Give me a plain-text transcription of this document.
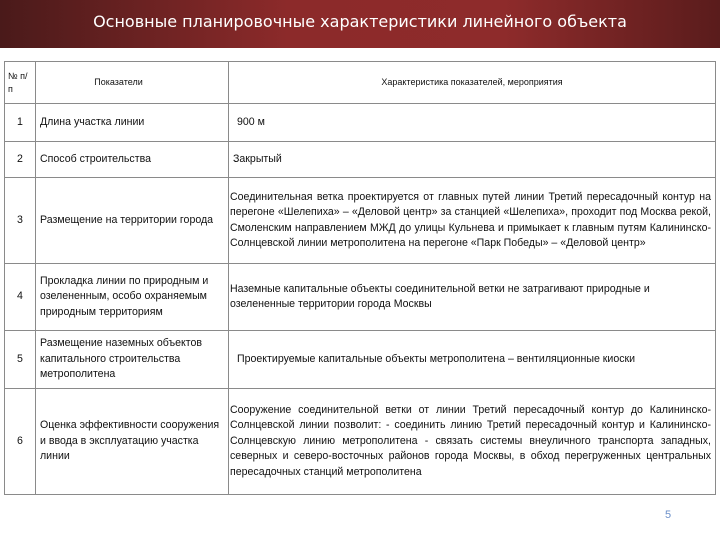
Основные планировочные характеристики линейного объекта
№ п/п	Показатели	Характеристика показателей, мероприятия
1	Длина участка линии	900 м
2	Способ строительства	Закрытый
3	Размещение на территории города	Соединительная ветка проектируется от главных путей линии Третий пересадочный контур на перегоне «Шелепиха» – «Деловой центр» за станцией «Шелепиха», проходит под Москва рекой, Смоленским направлением МЖД до улицы Кульнева и примыкает к главным путям Калининско-Солнцевской линии метрополитена на перегоне «Парк Победы» – «Деловой центр»
4	Прокладка линии по природным и озелененным, особо охраняемым природным территориям	Наземные капитальные объекты соединительной ветки не затрагивают природные и озелененные территории города Москвы
5	Размещение наземных объектов капитального строительства метрополитена	Проектируемые капитальные объекты метрополитена – вентиляционные киоски
6	Оценка эффективности сооружения и ввода в эксплуатацию участка линии	Сооружение соединительной ветки от линии Третий пересадочный контур до Калининско-Солнцевской линии позволит: - соединить линию Третий пересадочный контур и Калининско-Солнцевскую линию метрополитена - связать системы внеуличного транспорта западных, северных и северо-восточных районов города Москвы, в обход перегруженных центральных пересадочных станций метрополитена
5
